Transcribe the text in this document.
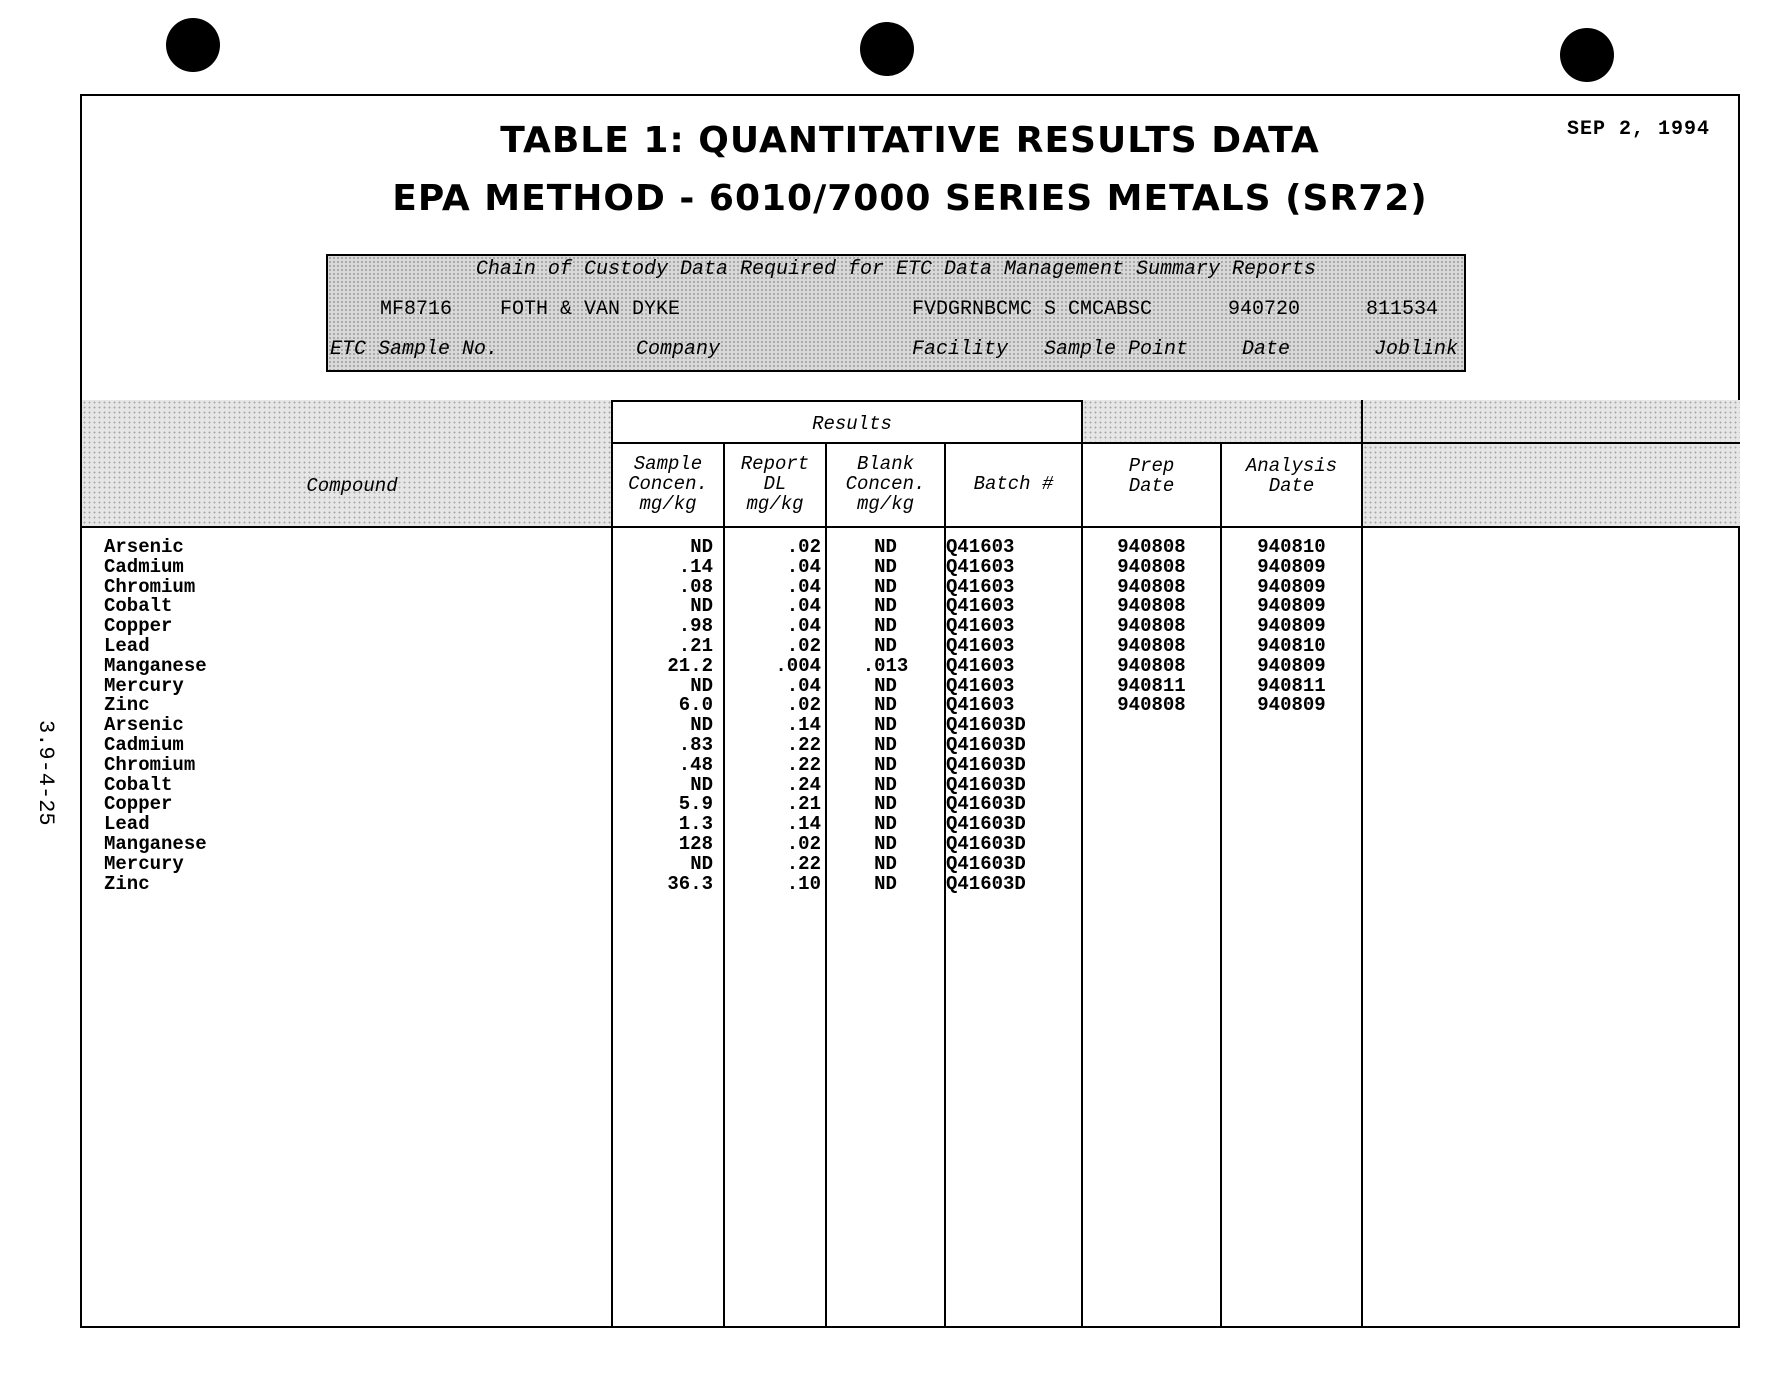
3.9-4-25
SEP 2, 1994
TABLE 1: QUANTITATIVE RESULTS DATA
EPA METHOD - 6010/7000 SERIES METALS (SR72)
Chain of Custody Data Required for ETC Data Management Summary Reports
MF8716 FOTH & VAN DYKE	FVDGRNBCMC S CMCABSC	940720	811534
ETC Sample No.	Company	Facility Sample Point	Date	Joblink
Compound
Results
Sample
Concen.
mg/kg
Report
DL
mg/kg
Blank
Concen.
mg/kg
Batch #
Prep
Date
Analysis
Date
Arsenic	ND	.02	ND	Q41603	940808	940810
Cadmium	.14	.04	ND	Q41603	940808	940809
Chromium	.08	.04	ND	Q41603	940808	940809
Cobalt	ND	.04	ND	Q41603	940808	940809
Copper	.98	.04	ND	Q41603	940808	940809
Lead	.21	.02	ND	Q41603	940808	940810
Manganese	21.2	.004	.013	Q41603	940808	940809
Mercury	ND	.04	ND	Q41603	940811	940811
Zinc	6.0	.02	ND	Q41603	940808	940809
Arsenic	ND	.14	ND	Q41603D
Cadmium	.83	.22	ND	Q41603D
Chromium	.48	.22	ND	Q41603D
Cobalt	ND	.24	ND	Q41603D
Copper	5.9	.21	ND	Q41603D
Lead	1.3	.14	ND	Q41603D
Manganese	128	.02	ND	Q41603D
Mercury	ND	.22	ND	Q41603D
Zinc	36.3	.10	ND	Q41603D
